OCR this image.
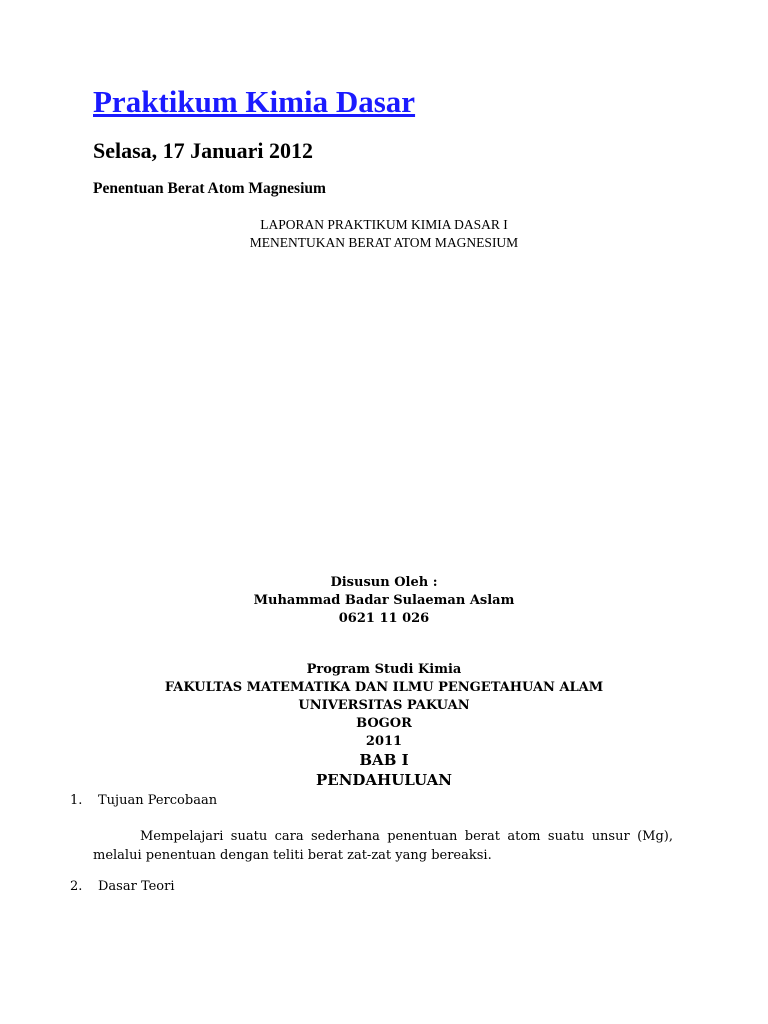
Praktikum Kimia Dasar
Selasa, 17 Januari 2012
Penentuan Berat Atom Magnesium
LAPORAN PRAKTIKUM KIMIA DASAR I
MENENTUKAN BERAT ATOM MAGNESIUM
Disusun Oleh :
Muhammad Badar Sulaeman Aslam
0621 11 026
Program Studi Kimia
FAKULTAS MATEMATIKA DAN ILMU PENGETAHUAN ALAM
UNIVERSITAS PAKUAN
BOGOR
2011
BAB I
PENDAHULUAN
1. Tujuan Percobaan
Mempelajari suatu cara sederhana penentuan berat atom suatu unsur (Mg), melalui penentuan dengan teliti berat zat-zat yang bereaksi.
2. Dasar Teori
